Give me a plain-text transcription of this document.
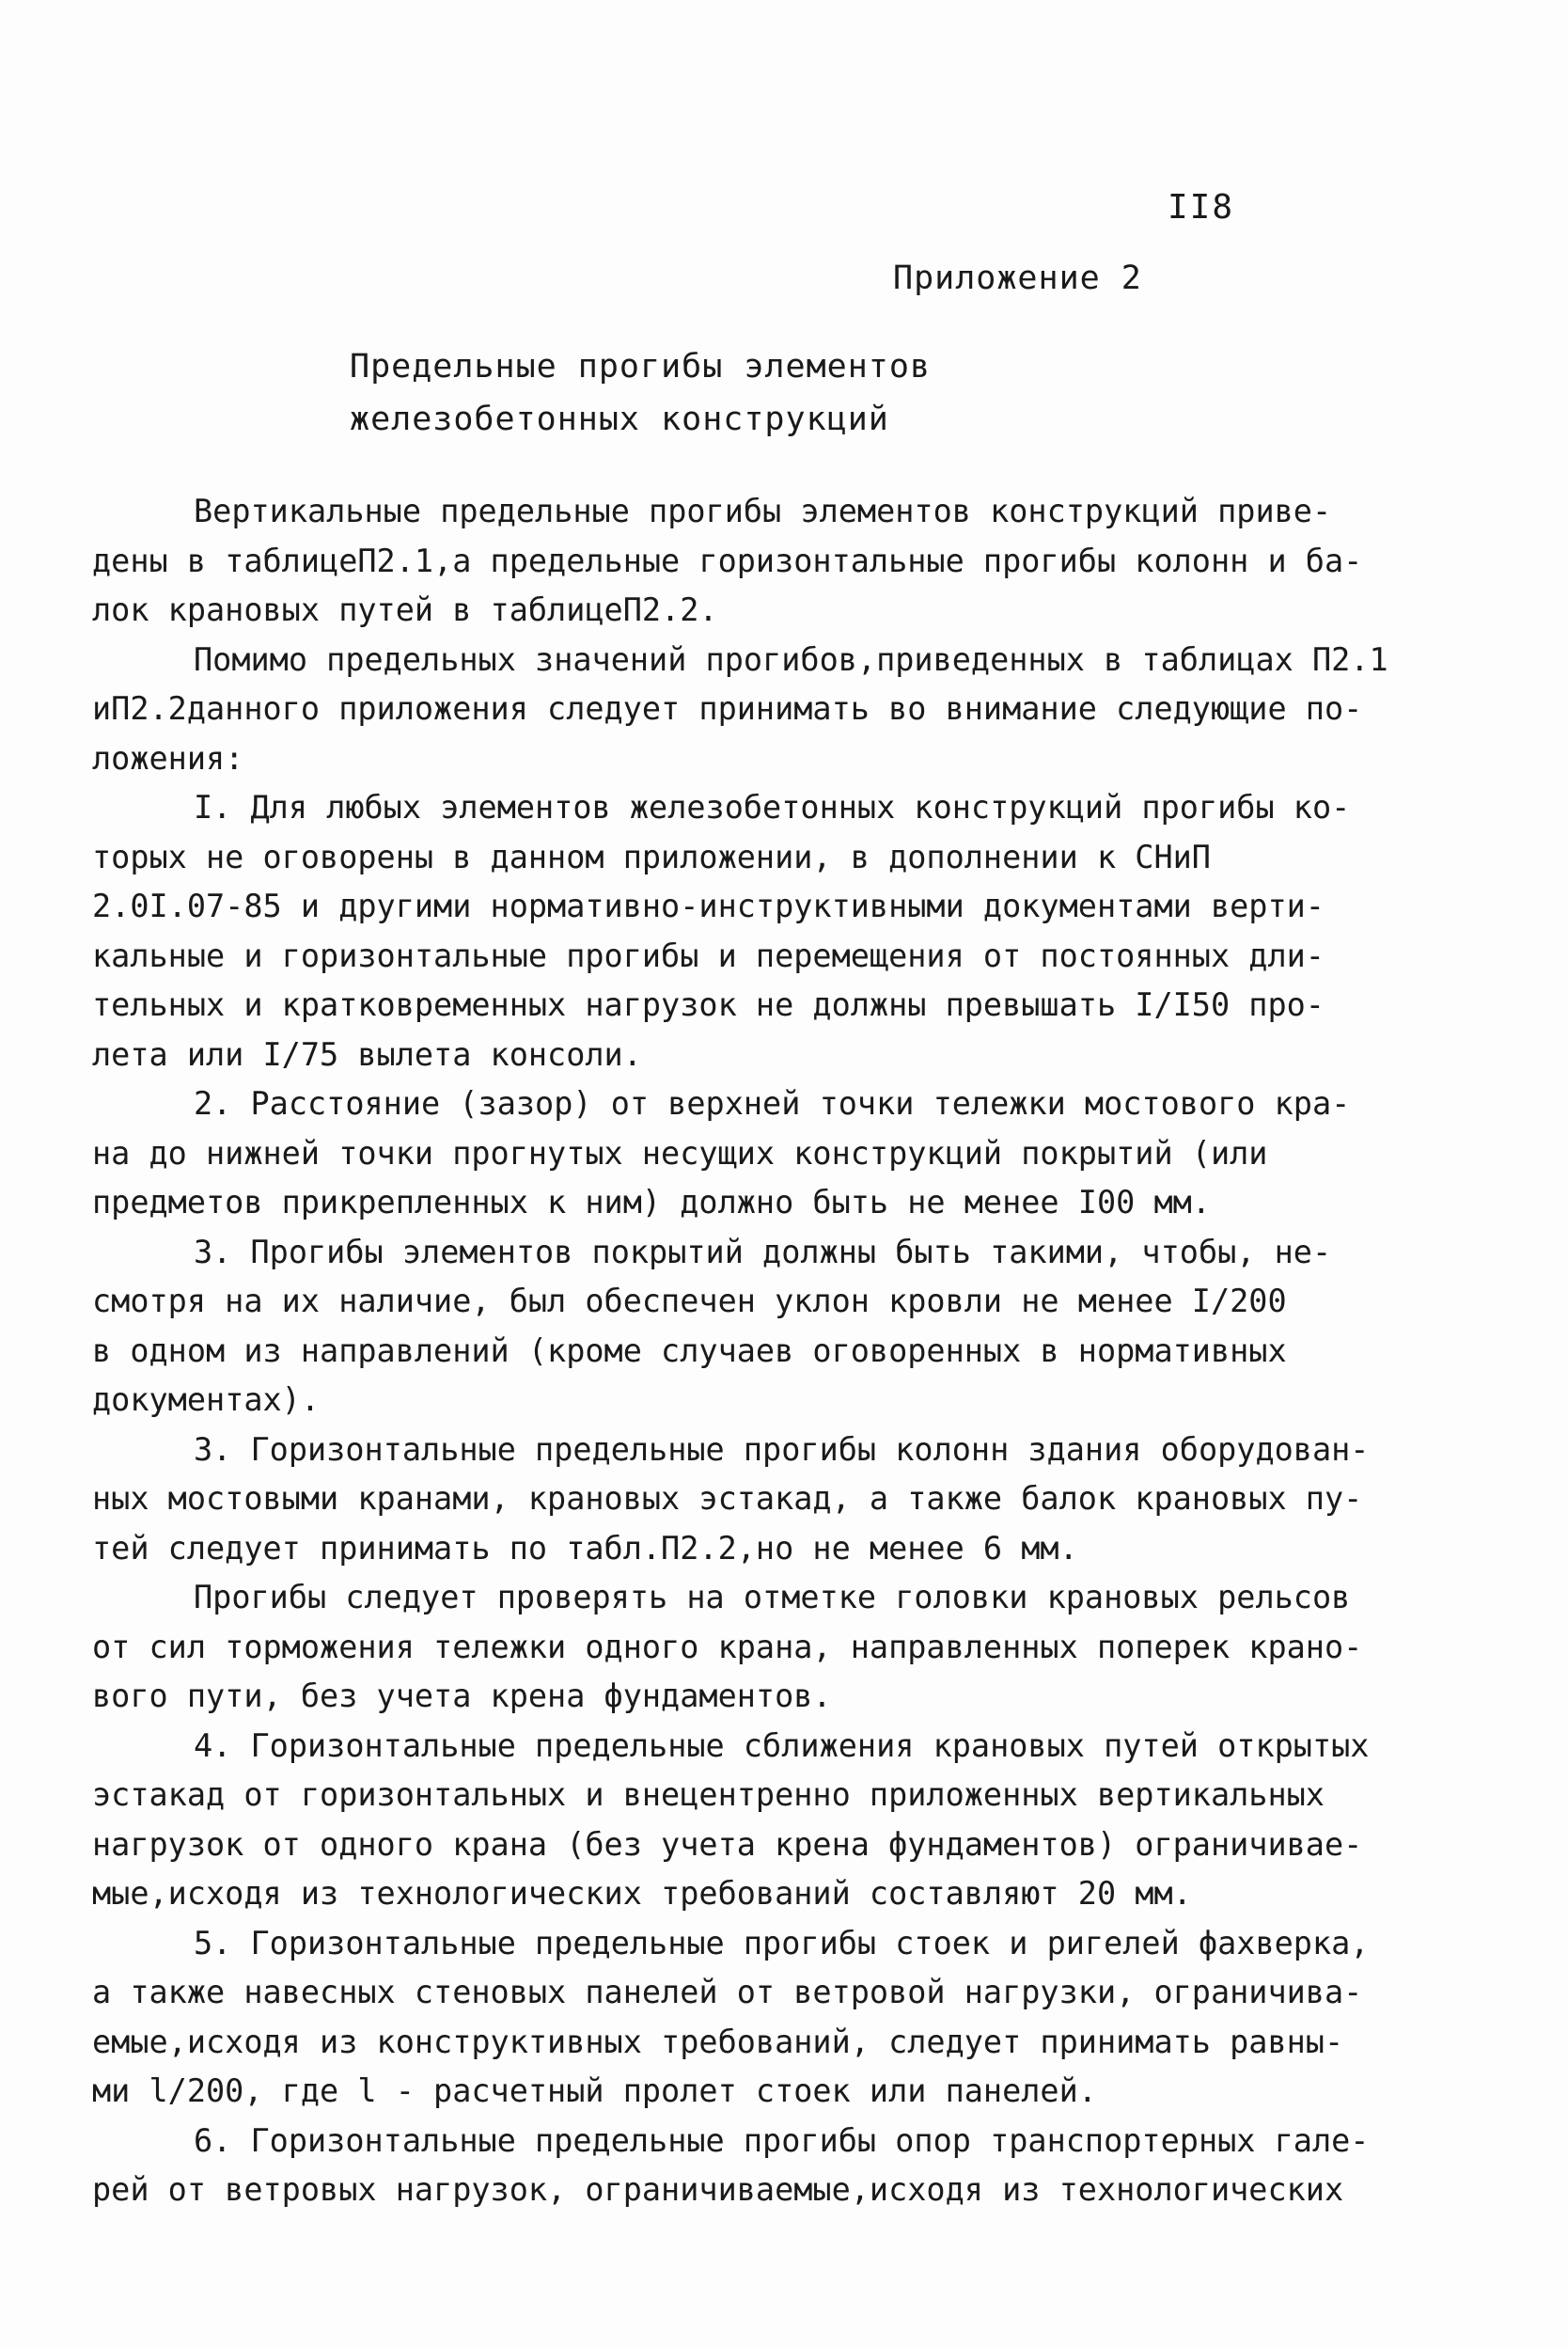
II8
Приложение 2
Предельные прогибы элементов
железобетонных конструкций
Вертикальные предельные прогибы элементов конструкций приве-
дены в таблицеП2.1,а предельные горизонтальные прогибы колонн и ба-
лок крановых путей в таблицеП2.2.
Помимо предельных значений прогибов,приведенных в таблицах П2.1
иП2.2данного приложения следует принимать во внимание следующие по-
ложения:
I. Для любых элементов железобетонных конструкций прогибы ко-
торых не оговорены в данном приложении, в дополнении к СНиП
2.0I.07-85 и другими нормативно-инструктивными документами верти-
кальные и горизонтальные прогибы и перемещения от постоянных дли-
тельных и кратковременных нагрузок не должны превышать I/I50 про-
лета или I/75 вылета консоли.
2. Расстояние (зазор) от верхней точки тележки мостового кра-
на до нижней точки прогнутых несущих конструкций покрытий (или
предметов прикрепленных к ним) должно быть не менее I00 мм.
3. Прогибы элементов покрытий должны быть такими, чтобы, не-
смотря на их наличие, был обеспечен уклон кровли не менее I/200
в одном из направлений (кроме случаев оговоренных в нормативных
документах).
3. Горизонтальные предельные прогибы колонн здания оборудован-
ных мостовыми кранами, крановых эстакад, а также балок крановых пу-
тей следует принимать по табл.П2.2,но не менее 6 мм.
Прогибы следует проверять на отметке головки крановых рельсов
от сил торможения тележки одного крана, направленных поперек крано-
вого пути, без учета крена фундаментов.
4. Горизонтальные предельные сближения крановых путей открытых
эстакад от горизонтальных и внецентренно приложенных вертикальных
нагрузок от одного крана (без учета крена фундаментов) ограничивае-
мые,исходя из технологических требований составляют 20 мм.
5. Горизонтальные предельные прогибы стоек и ригелей фахверка,
а также навесных стеновых панелей от ветровой нагрузки, ограничива-
емые,исходя из конструктивных требований, следует принимать равны-
ми l/200, где l - расчетный пролет стоек или панелей.
6. Горизонтальные предельные прогибы опор транспортерных гале-
рей от ветровых нагрузок, ограничиваемые,исходя из технологических
